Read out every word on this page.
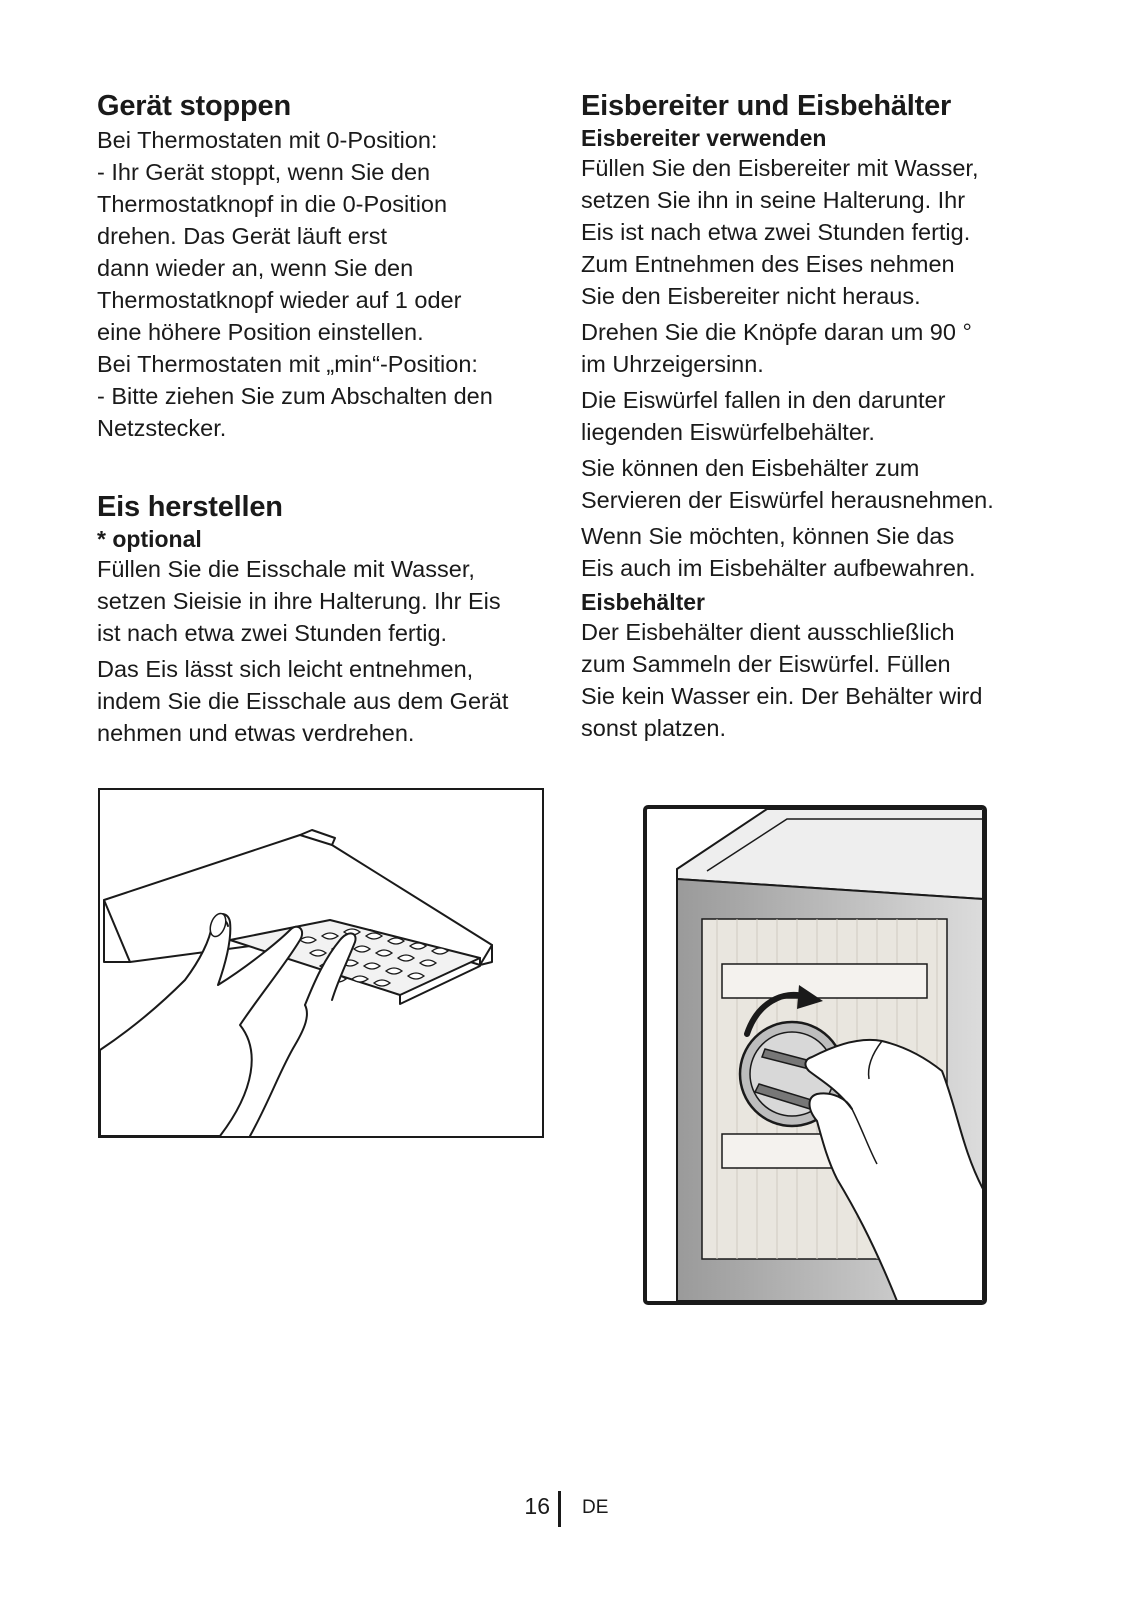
Gerät stoppen
Bei Thermostaten mit 0-Position:
- Ihr Gerät stoppt, wenn Sie den
Thermostatknopf in die 0-Position
drehen. Das Gerät läuft erst
dann wieder an, wenn Sie den
Thermostatknopf wieder auf 1 oder
eine höhere Position einstellen.
Bei Thermostaten mit „min“-Position:
- Bitte ziehen Sie zum Abschalten den
Netzstecker.
Eis herstellen
* optional
Füllen Sie die Eisschale mit Wasser,
setzen Sieisie in ihre Halterung. Ihr Eis
ist nach etwa zwei Stunden fertig.
Das Eis lässt sich leicht entnehmen,
indem Sie die Eisschale aus dem Gerät
nehmen und etwas verdrehen.
Eisbereiter und Eisbehälter
Eisbereiter verwenden
Füllen Sie den Eisbereiter mit Wasser,
setzen Sie ihn in seine Halterung. Ihr
Eis ist nach etwa zwei Stunden fertig.
Zum Entnehmen des Eises nehmen
Sie den Eisbereiter nicht heraus.
Drehen Sie die Knöpfe daran um 90 °
im Uhrzeigersinn.
Die Eiswürfel fallen in den darunter
liegenden Eiswürfelbehälter.
Sie können den Eisbehälter zum
Servieren der Eiswürfel herausnehmen.
Wenn Sie möchten, können Sie das
Eis auch im Eisbehälter aufbewahren.
Eisbehälter
Der Eisbehälter dient ausschließlich
zum Sammeln der Eiswürfel. Füllen
Sie kein Wasser ein. Der Behälter wird
sonst platzen.
16 DE
